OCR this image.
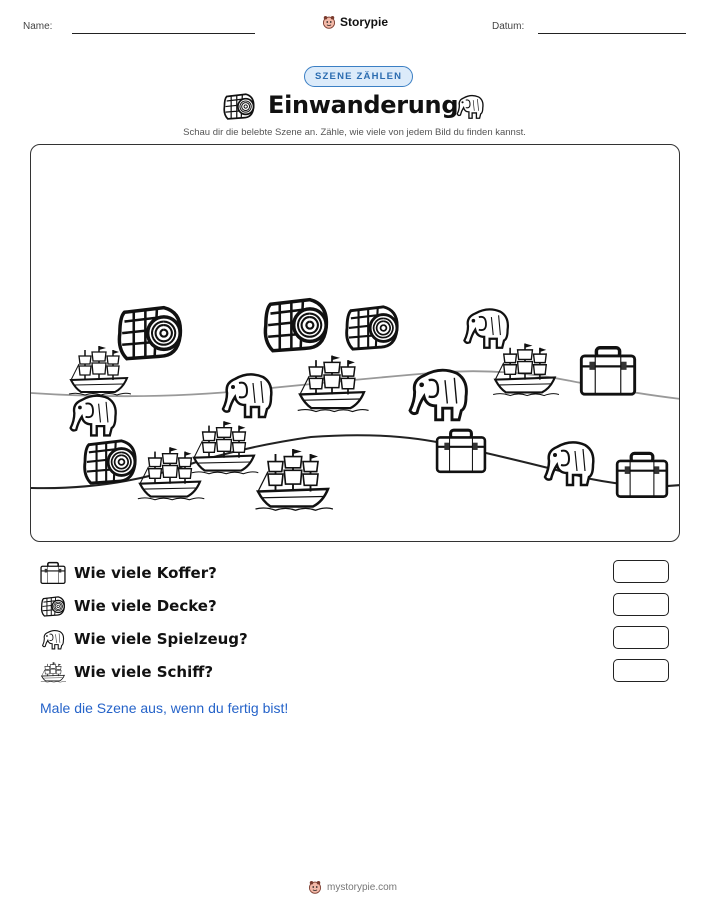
Name:	Storypie	Datum:
SZENE ZÄHLEN
Einwanderung
Schau dir die belebte Szene an. Zähle, wie viele von jedem Bild du finden kannst.
Wie viele Koffer?
Wie viele Decke?
Wie viele Spielzeug?
Wie viele Schiff?
Male die Szene aus, wenn du fertig bist!
mystorypie.com
